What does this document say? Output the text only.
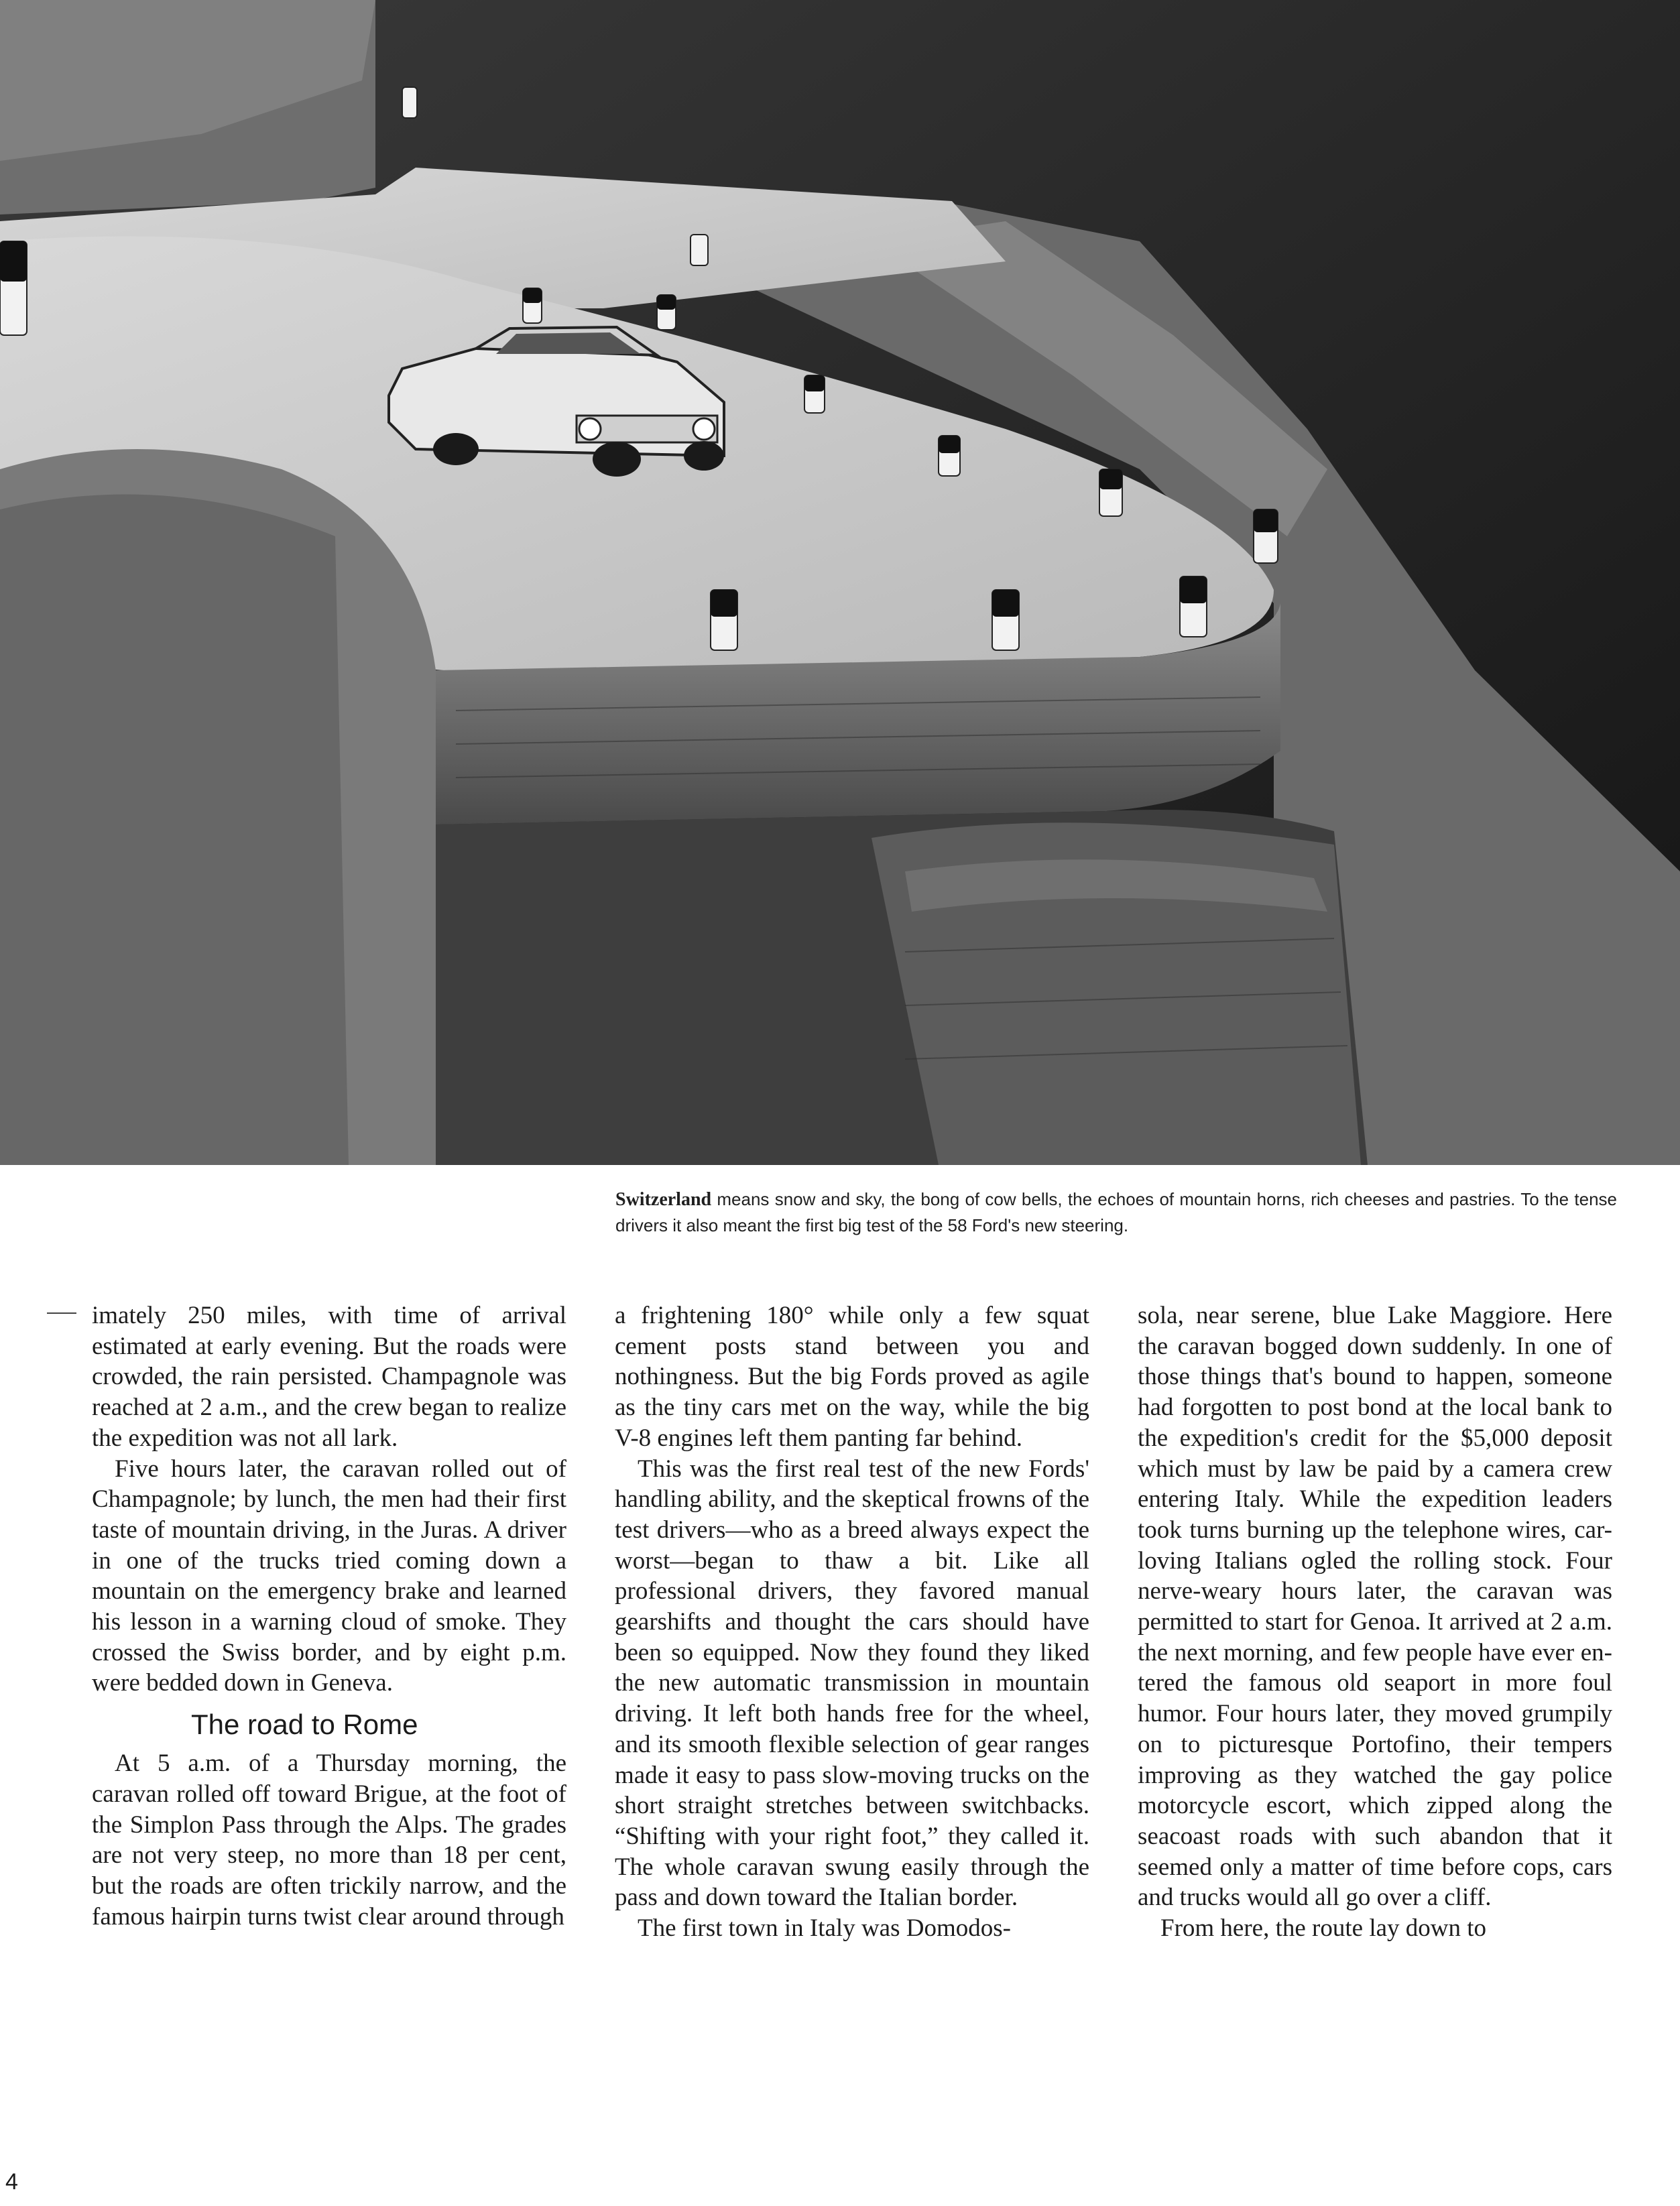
Switzerland means snow and sky, the bong of cow bells, the echoes of mountain horns, rich cheeses and pastries. To the tense drivers it also meant the first big test of the 58 Ford's new steering.

imately 250 miles, with time of arrival estimated at early evening. But the roads were crowded, the rain persisted. Champagnole was reached at 2 a.m., and the crew began to realize the expedition was not all lark.

Five hours later, the caravan rolled out of Champagnole; by lunch, the men had their first taste of mountain driving, in the Juras. A driver in one of the trucks tried coming down a mountain on the emergency brake and learned his lesson in a warning cloud of smoke. They crossed the Swiss border, and by eight p.m. were bedded down in Geneva.

The road to Rome

At 5 a.m. of a Thursday morning, the caravan rolled off toward Brigue, at the foot of the Simplon Pass through the Alps. The grades are not very steep, no more than 18 per cent, but the roads are often trickily narrow, and the famous hairpin turns twist clear around through

a frightening 180° while only a few squat cement posts stand between you and nothingness. But the big Fords proved as agile as the tiny cars met on the way, while the big V-8 engines left them panting far behind.

This was the first real test of the new Fords' handling ability, and the skeptical frowns of the test drivers—who as a breed always expect the worst—began to thaw a bit. Like all professional drivers, they favored manual gearshifts and thought the cars should have been so equipped. Now they found they liked the new automatic transmission in mountain driving. It left both hands free for the wheel, and its smooth flexible selection of gear ranges made it easy to pass slow-moving trucks on the short straight stretches between switchbacks. “Shifting with your right foot,” they called it. The whole caravan swung easily through the pass and down toward the Italian border.

The first town in Italy was Domodos-

sola, near serene, blue Lake Maggiore. Here the caravan bogged down suddenly. In one of those things that's bound to happen, someone had forgotten to post bond at the local bank to the expedition's credit for the $5,000 deposit which must by law be paid by a camera crew entering Italy. While the expedition leaders took turns burning up the telephone wires, car-loving Italians ogled the rolling stock. Four nerve-weary hours later, the caravan was permitted to start for Genoa. It arrived at 2 a.m. the next morning, and few people have ever entered the famous old seaport in more foul humor. Four hours later, they moved grumpily on to picturesque Portofino, their tempers improving as they watched the gay police motorcycle escort, which zipped along the seacoast roads with such abandon that it seemed only a matter of time before cops, cars and trucks would all go over a cliff.

From here, the route lay down to

4
